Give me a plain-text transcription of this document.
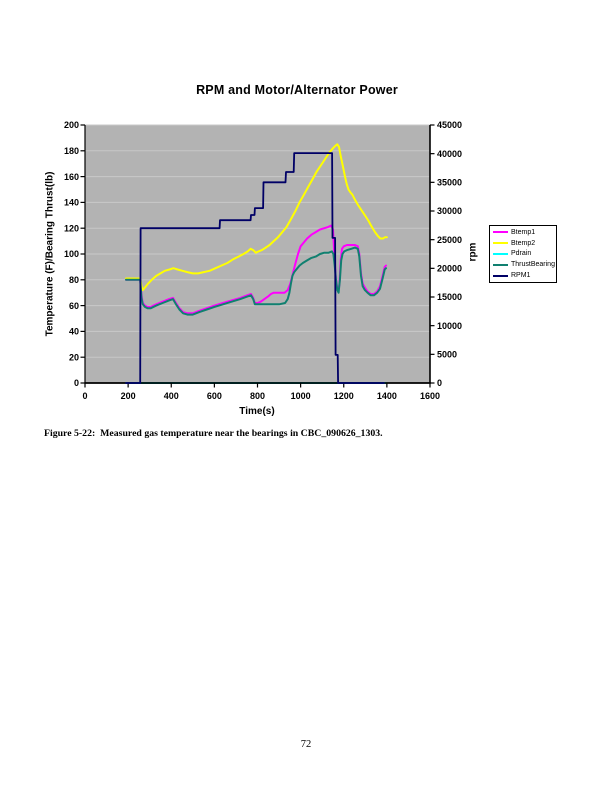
RPM and Motor/Alternator Power
0
20
40
60
80
100
120
140
160
180
200
0
5000
10000
15000
20000
25000
30000
35000
40000
45000
0	200	400	600	800	1000	1200	1400	1600
Temperature (F)/Bearing Thrust(lb)	rpm
Time(s)
Btemp1
Btemp2
Pdrain
ThrustBearing
RPM1
Figure 5-22:  Measured gas temperature near the bearings in CBC_090626_1303.
72
